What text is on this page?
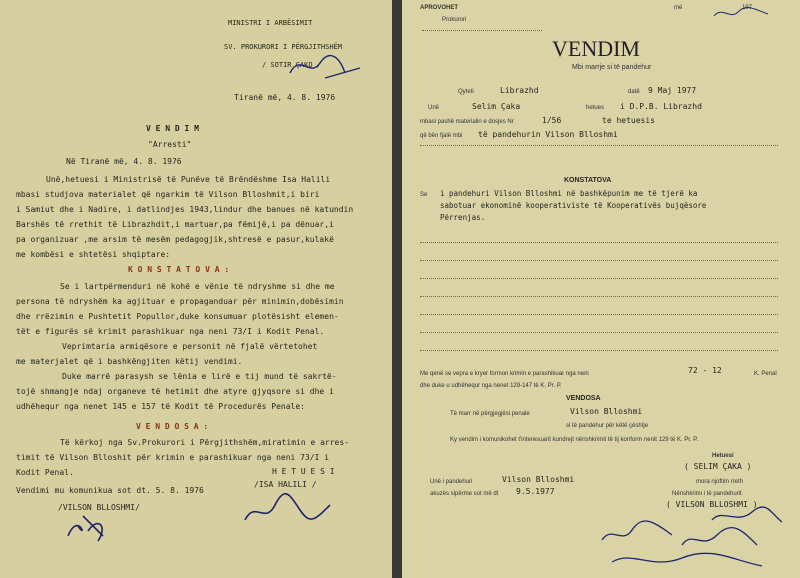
MINISTRI I ARBËSIMIT
SV. PROKURORI I PËRGJITHSHËM
/ SOTIR ÇAKO /
Tiranë më, 4. 8. 1976
V E N D I M
"Arresti"
Në Tiranë më, 4. 8. 1976
Unë,hetuesi i Ministrisë të Punëve të Brëndëshme Isa Halili
mbasi studjova materialet që ngarkim të Vilson Blloshmit,i biri
i Samiut dhe i Nadire, i datlindjes 1943,lindur dhe banues në katundin
Barshës të rrethit të Librazhdit,i martuar,pa fëmijë,i pa dënuar,i
pa organizuar ,me arsim të mesëm pedagogjik,shtresë e pasur,kulakë
me kombësi e shtetësi shqiptare:
K O N S T A T O V A :
Se i lartpërmenduri në kohë e vënie të ndryshme si dhe me
persona të ndryshëm ka agjituar e propaganduar për minimin,dobësimin
dhe rrëzimin e Pushtetit Popullor,duke konsumuar plotësisht elemen-
tët e figurës së krimit parashikuar nga neni 73/I i Kodit Penal.
Veprimtaria armiqësore e personit në fjalë vërtetohet
me materjalet që i bashkëngjiten këtij vendimi.
Duke marrë parasysh se lënia e lirë e tij mund të sakrtë-
tojë shmangje ndaj organeve të hetimit dhe atyre gjyqsore si dhe i
udhëhequr nga nenet 145 e 157 të Kodit të Procedurës Penale:
V E N D O S A :
Të kërkoj nga Sv.Prokurori i Përgjithshëm,miratimin e arres-
timit të Vilson Blloshit për krimin e parashikuar nga neni 73/I i
Kodit Penal.	H E T U E S I
/ISA HALILI /
Vendimi mu komunikua sot dt. 5. 8. 1976
/VILSON BLLOSHMI/
APROVOHET
Prokurori
më	197
VENDIM
Mbi marrje si të pandehur
Qyteti	Librazhd	datë 9 Maj 1977
Unë	Selim Çaka	hetues i D.P.B. Librazhd
mbasi pashë materialin e dosjes Nr	1/56	te hetuesis
që bën fjalë mbi të pandehurin Vilson Blloshmi
KONSTATOVA
Se i pandehuri Vilson Blloshmi në bashkëpunim me të tjerë ka
sabotuar ekonominë kooperativiste të Kooperativës bujqësore
Përrenjas.
Me qenë se vepra e kryer formon krimin e parashikuar nga neni	72 - 12	K. Penal
dhe duke u udhëhequr nga nenet 129-147 të K. Pr. P.
VENDOSA
Të marr në përgjegjësi penale	Vilson Blloshmi
si të pandehur për këtë çështje
Ky vendim i komunikohet t'interesuarit kundrejt nënshkrimit të tij konform nenit 129 të K. Pr. P.
Hetuesi
( SELIM ÇAKA )
Unë i pandehuri	Vilson Blloshmi	mora njoftim rreth
akuzës sipërme sot më dt 9.5.1977	Nënshkrimi i të pandehurit
( VILSON BLLOSHMI )
